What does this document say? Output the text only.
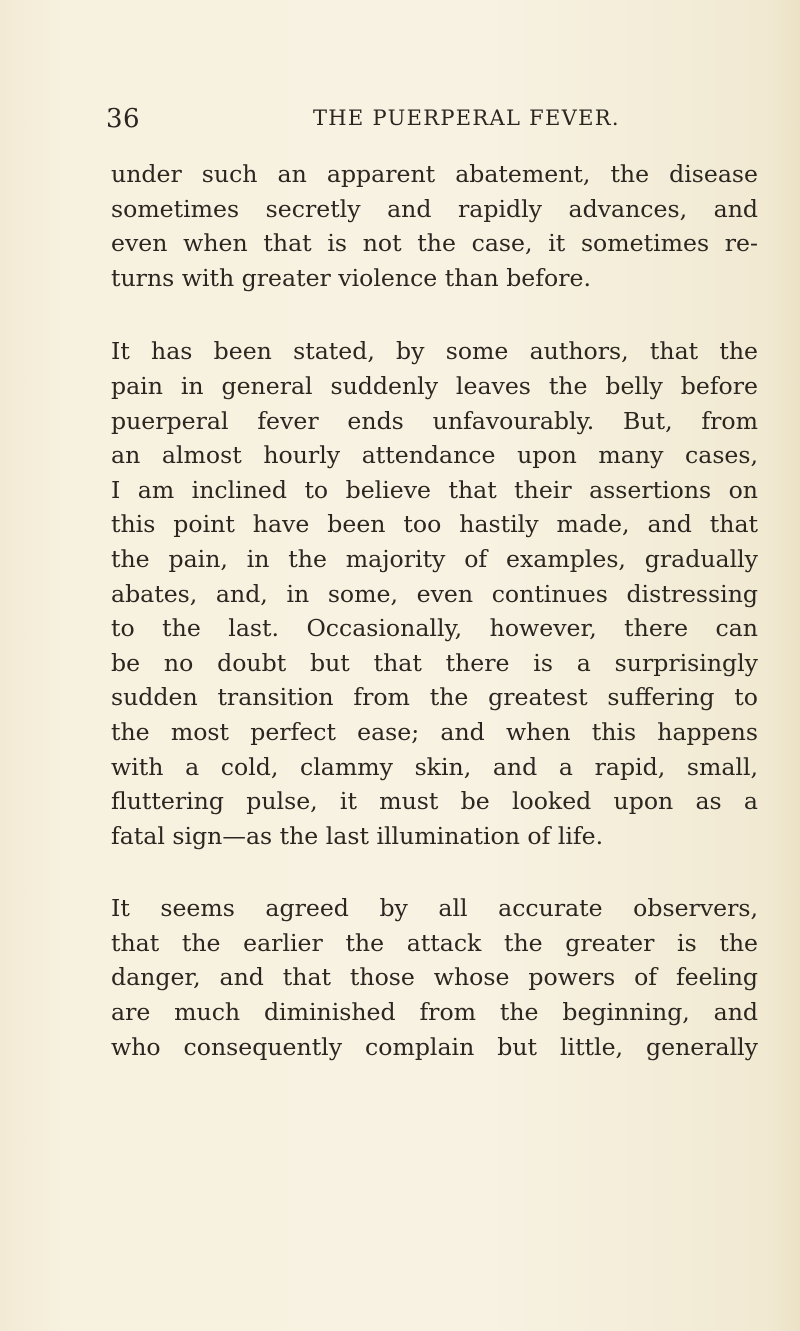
36	THE PUERPERAL FEVER.

under such an apparent abatement, the disease
sometimes secretly and rapidly advances, and
even when that is not the case, it sometimes re-
turns with greater violence than before.

It has been stated, by some authors, that the
pain in general suddenly leaves the belly before
puerperal fever ends unfavourably. But, from
an almost hourly attendance upon many cases,
I am inclined to believe that their assertions on
this point have been too hastily made, and that
the pain, in the majority of examples, gradually
abates, and, in some, even continues distressing
to the last. Occasionally, however, there can
be no doubt but that there is a surprisingly
sudden transition from the greatest suffering to
the most perfect ease; and when this happens
with a cold, clammy skin, and a rapid, small,
fluttering pulse, it must be looked upon as a
fatal sign—as the last illumination of life.

It seems agreed by all accurate observers,
that the earlier the attack the greater is the
danger, and that those whose powers of feeling
are much diminished from the beginning, and
who consequently complain but little, generally
